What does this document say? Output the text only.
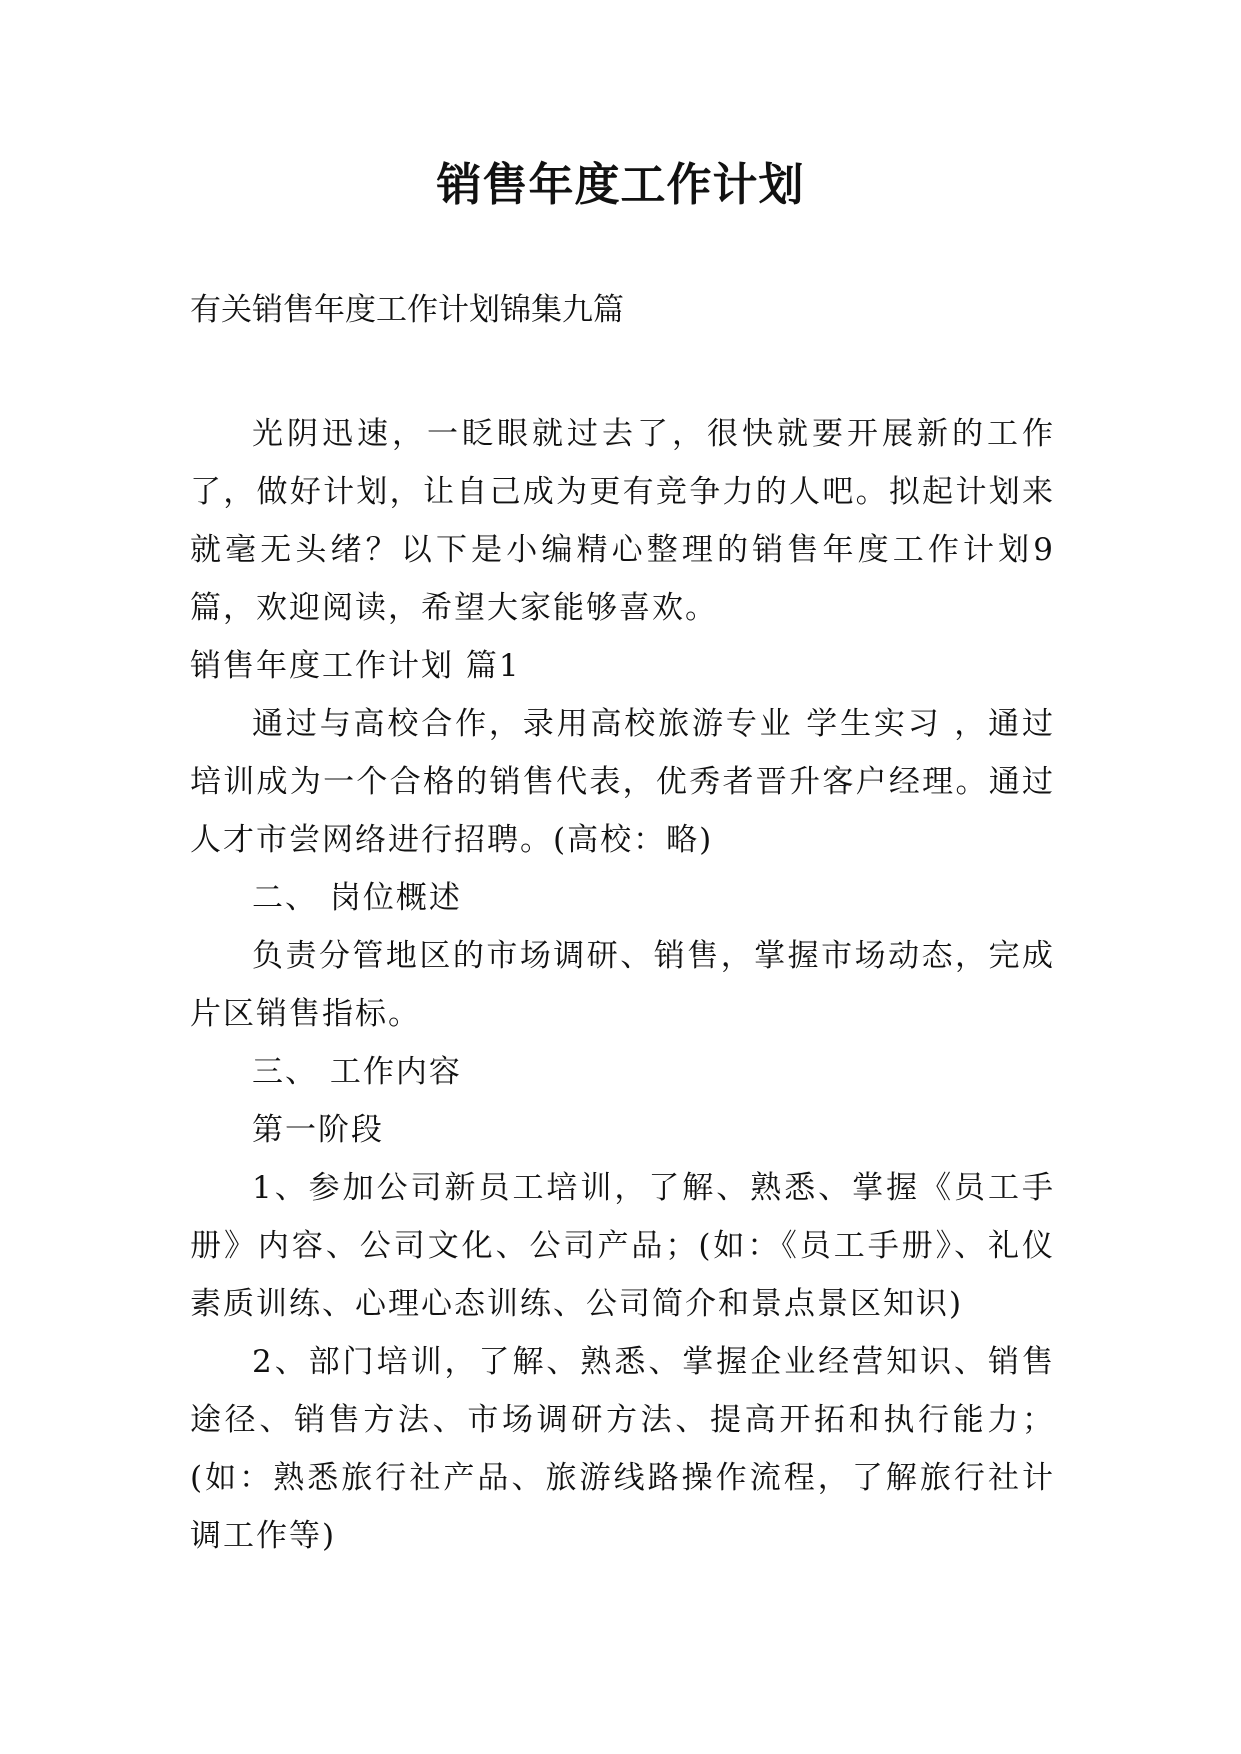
销售年度工作计划
有关销售年度工作计划锦集九篇

光阴迅速，一眨眼就过去了，很快就要开展新的工作了，做好计划，让自己成为更有竞争力的人吧。拟起计划来就毫无头绪？以下是小编精心整理的销售年度工作计划9篇，欢迎阅读，希望大家能够喜欢。

销售年度工作计划 篇1

通过与高校合作，录用高校旅游专业 学生实习 ，通过培训成为一个合格的销售代表，优秀者晋升客户经理。通过人才市尝网络进行招聘。(高校：略)

二、 岗位概述

负责分管地区的市场调研、销售，掌握市场动态，完成片区销售指标。

三、 工作内容

第一阶段

1、参加公司新员工培训，了解、熟悉、掌握《员工手册》内容、公司文化、公司产品；(如：《员工手册》、礼仪素质训练、心理心态训练、公司简介和景点景区知识)

2、部门培训，了解、熟悉、掌握企业经营知识、销售途径、销售方法、市场调研方法、提高开拓和执行能力；(如：熟悉旅行社产品、旅游线路操作流程，了解旅行社计调工作等)
